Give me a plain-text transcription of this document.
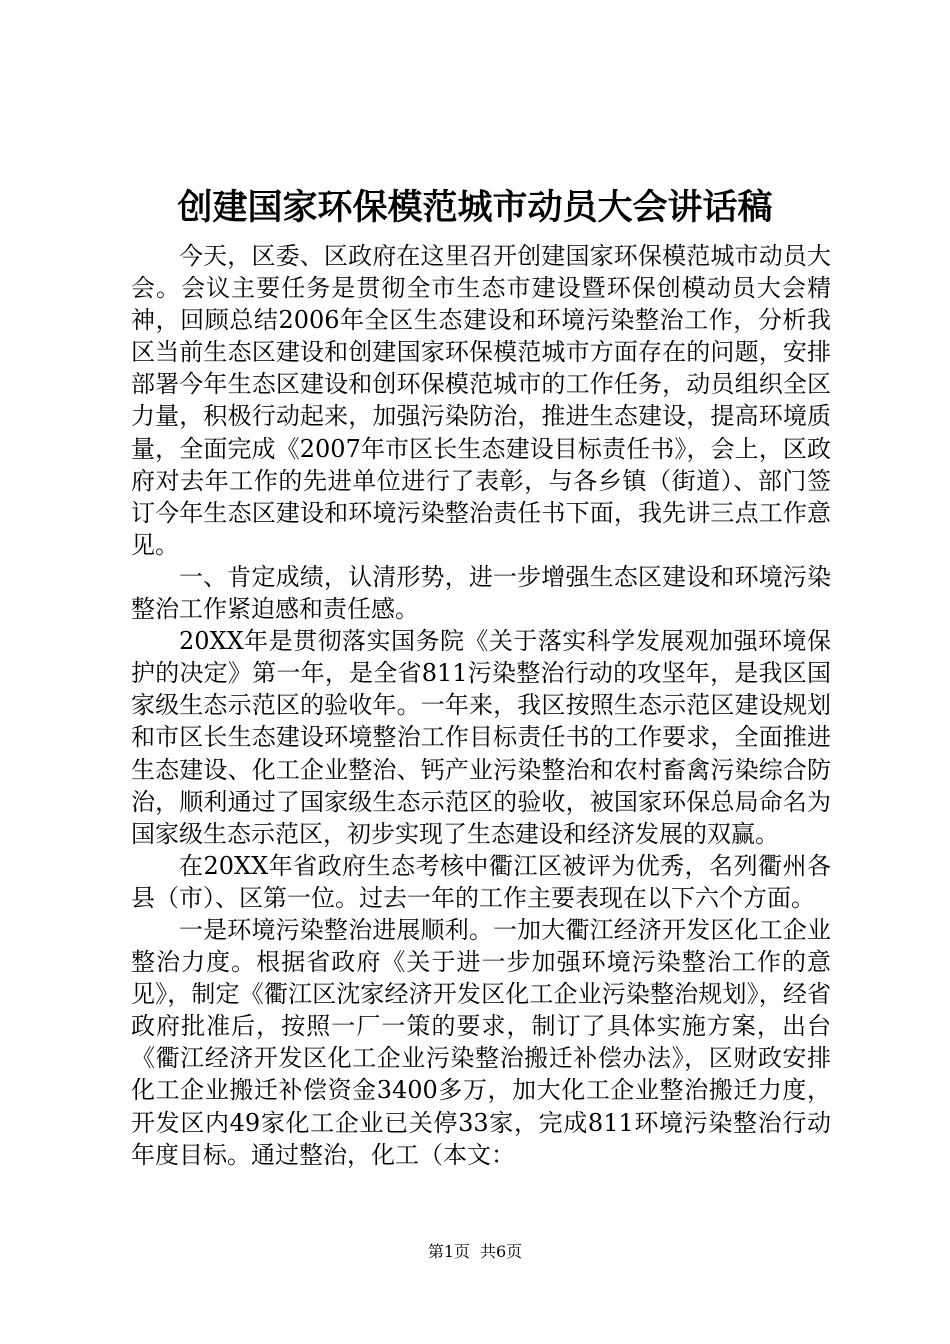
创建国家环保模范城市动员大会讲话稿

今天，区委、区政府在这里召开创建国家环保模范城市动员大会。会议主要任务是贯彻全市生态市建设暨环保创模动员大会精神，回顾总结2006年全区生态建设和环境污染整治工作，分析我区当前生态区建设和创建国家环保模范城市方面存在的问题，安排部署今年生态区建设和创环保模范城市的工作任务，动员组织全区力量，积极行动起来，加强污染防治，推进生态建设，提高环境质量，全面完成《2007年市区长生态建设目标责任书》，会上，区政府对去年工作的先进单位进行了表彰，与各乡镇（街道）、部门签订今年生态区建设和环境污染整治责任书下面，我先讲三点工作意见。

一、肯定成绩，认清形势，进一步增强生态区建设和环境污染整治工作紧迫感和责任感。

20XX年是贯彻落实国务院《关于落实科学发展观加强环境保护的决定》第一年，是全省811污染整治行动的攻坚年，是我区国家级生态示范区的验收年。一年来，我区按照生态示范区建设规划和市区长生态建设环境整治工作目标责任书的工作要求，全面推进生态建设、化工企业整治、钙产业污染整治和农村畜禽污染综合防治，顺利通过了国家级生态示范区的验收，被国家环保总局命名为国家级生态示范区，初步实现了生态建设和经济发展的双赢。

在20XX年省政府生态考核中衢江区被评为优秀，名列衢州各县（市）、区第一位。过去一年的工作主要表现在以下六个方面。

一是环境污染整治进展顺利。一加大衢江经济开发区化工企业整治力度。根据省政府《关于进一步加强环境污染整治工作的意见》，制定《衢江区沈家经济开发区化工企业污染整治规划》，经省政府批准后，按照一厂一策的要求，制订了具体实施方案，出台《衢江经济开发区化工企业污染整治搬迁补偿办法》，区财政安排化工企业搬迁补偿资金3400多万，加大化工企业整治搬迁力度，开发区内49家化工企业已关停33家，完成811环境污染整治行动年度目标。通过整治，化工（本文：

第1页 共6页
